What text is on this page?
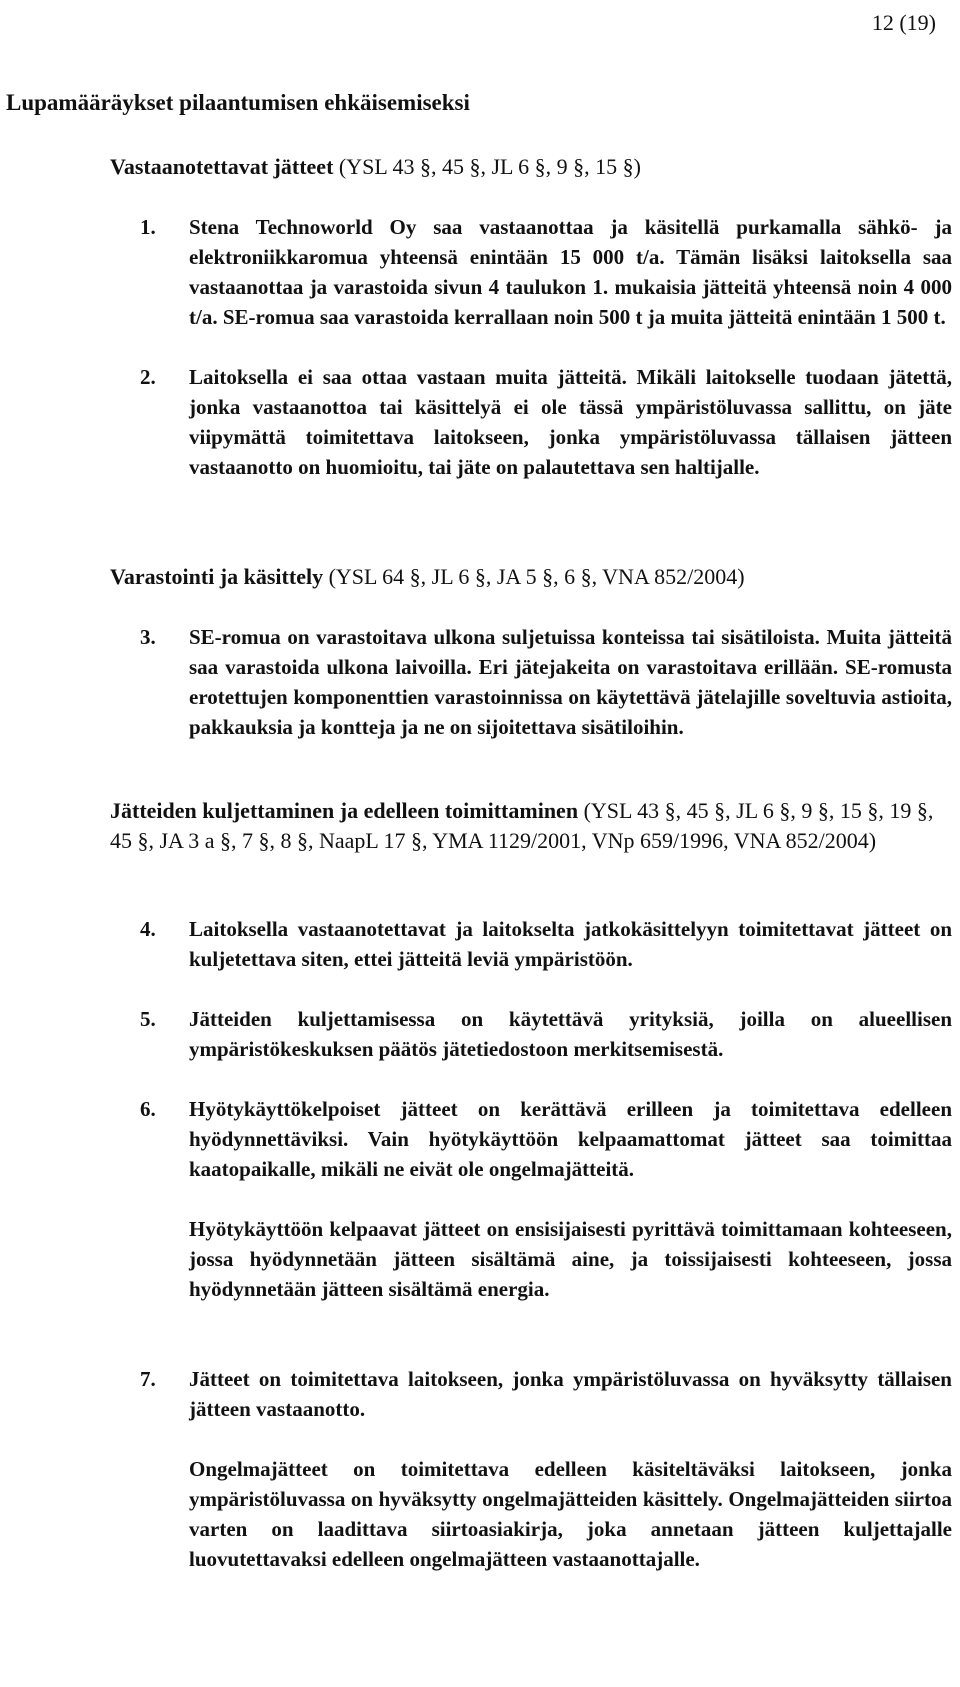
12 (19)
Lupamääräykset pilaantumisen ehkäisemiseksi
Vastaanotettavat jätteet (YSL 43 §, 45 §, JL 6 §, 9 §, 15 §)
1.	Stena Technoworld Oy saa vastaanottaa ja käsitellä purkamalla sähkö- ja elektroniikkaromua yhteensä enintään 15 000 t/a. Tämän lisäksi laitoksella saa vastaanottaa ja varastoida sivun 4 taulukon 1. mukaisia jätteitä yhteensä noin 4 000 t/a. SE-romua saa varastoida kerrallaan noin 500 t ja muita jätteitä enintään 1 500 t.
2.	Laitoksella ei saa ottaa vastaan muita jätteitä. Mikäli laitokselle tuodaan jätettä, jonka vastaanottoa tai käsittelyä ei ole tässä ympäristöluvassa sallittu, on jäte viipymättä toimitettava laitokseen, jonka ympäristöluvassa tällaisen jätteen vastaanotto on huomioitu, tai jäte on palautettava sen haltijalle.
Varastointi ja käsittely (YSL 64 §, JL 6 §, JA 5 §, 6 §, VNA 852/2004)
3.	SE-romua on varastoitava ulkona suljetuissa konteissa tai sisätiloista. Muita jätteitä saa varastoida ulkona laivoilla. Eri jätejakeita on varastoitava erillään. SE-romusta erotettujen komponenttien varastoinnissa on käytettävä jätelajille soveltuvia astioita, pakkauksia ja kontteja ja ne on sijoitettava sisätiloihin.
Jätteiden kuljettaminen ja edelleen toimittaminen (YSL 43 §, 45 §, JL 6 §, 9 §, 15 §, 19 §, 45 §, JA 3 a §, 7 §, 8 §, NaapL 17 §, YMA 1129/2001, VNp 659/1996, VNA 852/2004)
4.	Laitoksella vastaanotettavat ja laitokselta jatkokäsittelyyn toimitettavat jätteet on kuljetettava siten, ettei jätteitä leviä ympäristöön.
5.	Jätteiden kuljettamisessa on käytettävä yrityksiä, joilla on alueellisen ympäristökeskuksen päätös jätetiedostoon merkitsemisestä.
6.	Hyötykäyttökelpoiset jätteet on kerättävä erilleen ja toimitettava edelleen hyödynnettäviksi. Vain hyötykäyttöön kelpaamattomat jätteet saa toimittaa kaatopaikalle, mikäli ne eivät ole ongelmajätteitä.
Hyötykäyttöön kelpaavat jätteet on ensisijaisesti pyrittävä toimittamaan kohteeseen, jossa hyödynnetään jätteen sisältämä aine, ja toissijaisesti kohteeseen, jossa hyödynnetään jätteen sisältämä energia.
7.	Jätteet on toimitettava laitokseen, jonka ympäristöluvassa on hyväksytty tällaisen jätteen vastaanotto.
Ongelmajätteet on toimitettava edelleen käsiteltäväksi laitokseen, jonka ympäristöluvassa on hyväksytty ongelmajätteiden käsittely. Ongelmajätteiden siirtoa varten on laadittava siirtoasiakirja, joka annetaan jätteen kuljettajalle luovutettavaksi edelleen ongelmajätteen vastaanottajalle.
